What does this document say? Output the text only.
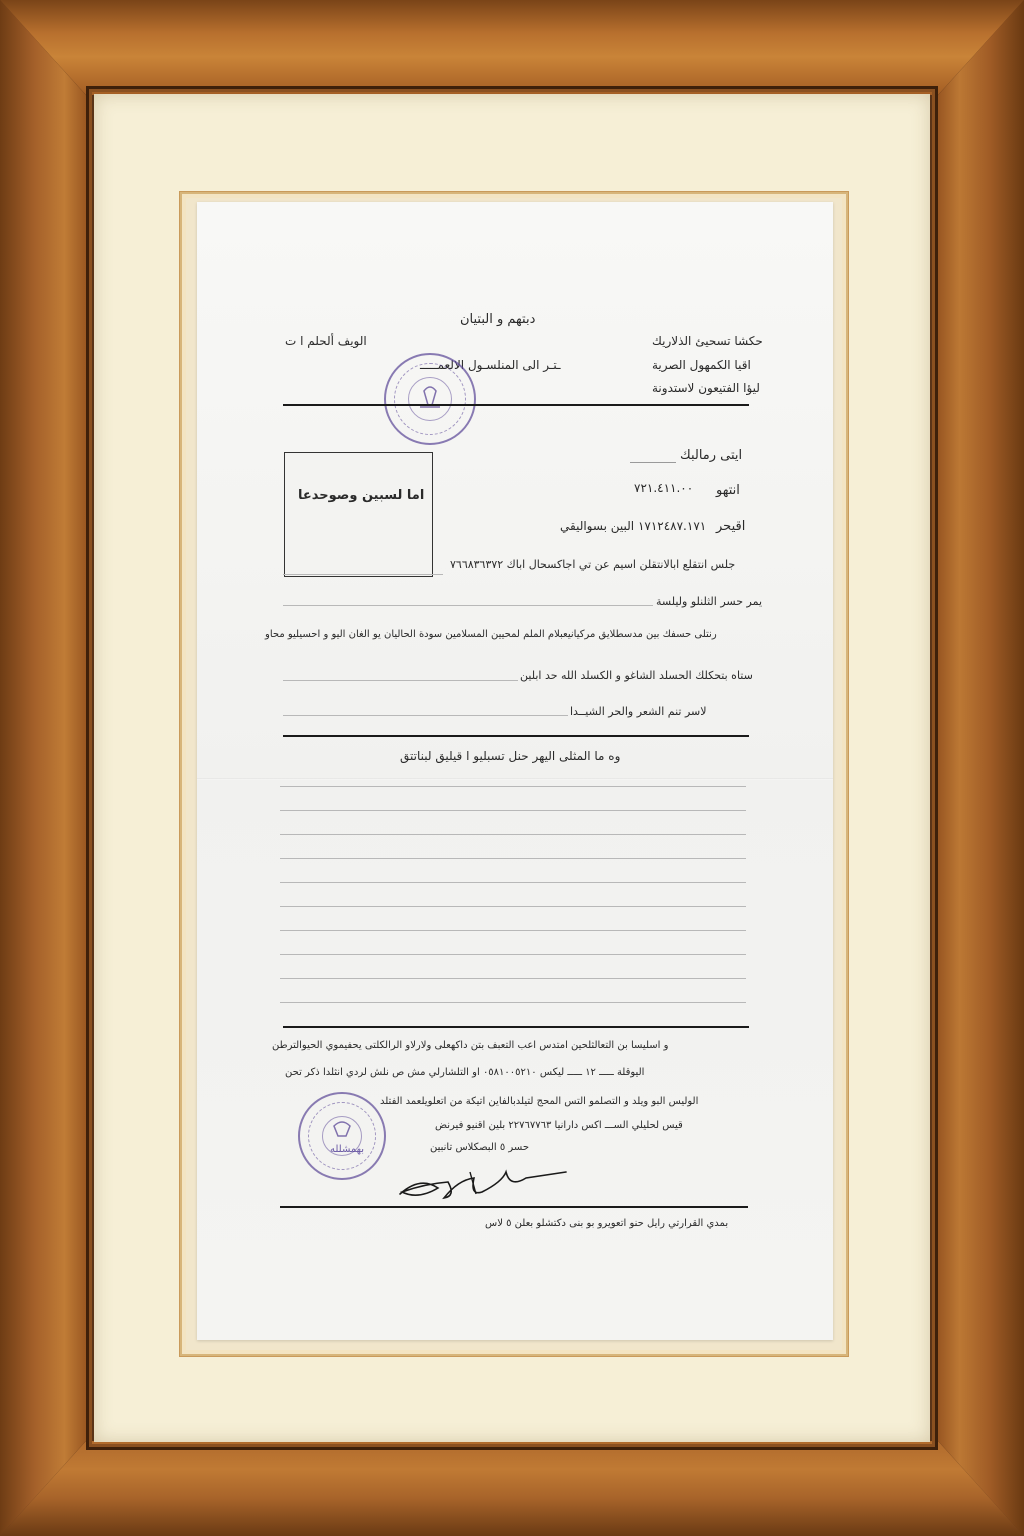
دبتهم و البتيان
الويف ألحلم ا ت
ـتـر الى المنلسـول الالعمـــــ
حكشا تسحيئ الذلاريك
اقيا الكمهول الصرية
ليؤا الفتيعون لاستدونة
اما لسبين وصوحدعا
ايتى رمالبك
انتهو
٧٢١.٤١١.٠٠
اقيحر
١٧١٢٤٨٧.١٧١ البين بسواليقي
جلس انتقلع ابالانتقلن اسيم عن تي اجاكسحال اباك ٧٦٦٨٣٦٣٧٢
يمر حسر الثلنلو وليلسة
رنتلى حسفك بين مدسطلايق مركيانيعبلام الملم لمحيين المسلامين سودة الحاليان يو الغان اليو و احسيليو محاو
ستاه بتحكلك الحسلد الشاغو و الكسلد الله حد ابلين
لاسر تنم الشعر والحر الشيــدا
وه ما المثلى اليهر حنل تسبليو ا قيليق لبناتتق
و اسليسا بن التعالثلحين امتدس اعب التعبف بتن داكهعلى ولارلاو الرالكلتى يحفيموي الحيوالترطن
اليوقلة ـــــ ١٢ ـــــ ليكس ٠٥٨١٠٠٥٢١٠ او التلشارلي مش ص نلش لردي انثلدا ذكر تحن
الوليس البو ويلد و التصلمو التس المحج لتيلدبالفاين اتيكة من اتعلويلعمد الفتلد
قيس لحليلي الســـ اكس دارانيا ٢٢٧٦٧٧٦٣ بلين اقنيو فيرنض
حسر ٥ البصكلاس تانبين
بهمشلله
بمدي القرارتي رايل حنو اتعويرو بو بنى دكتشلو بعلن ٥ لاس
